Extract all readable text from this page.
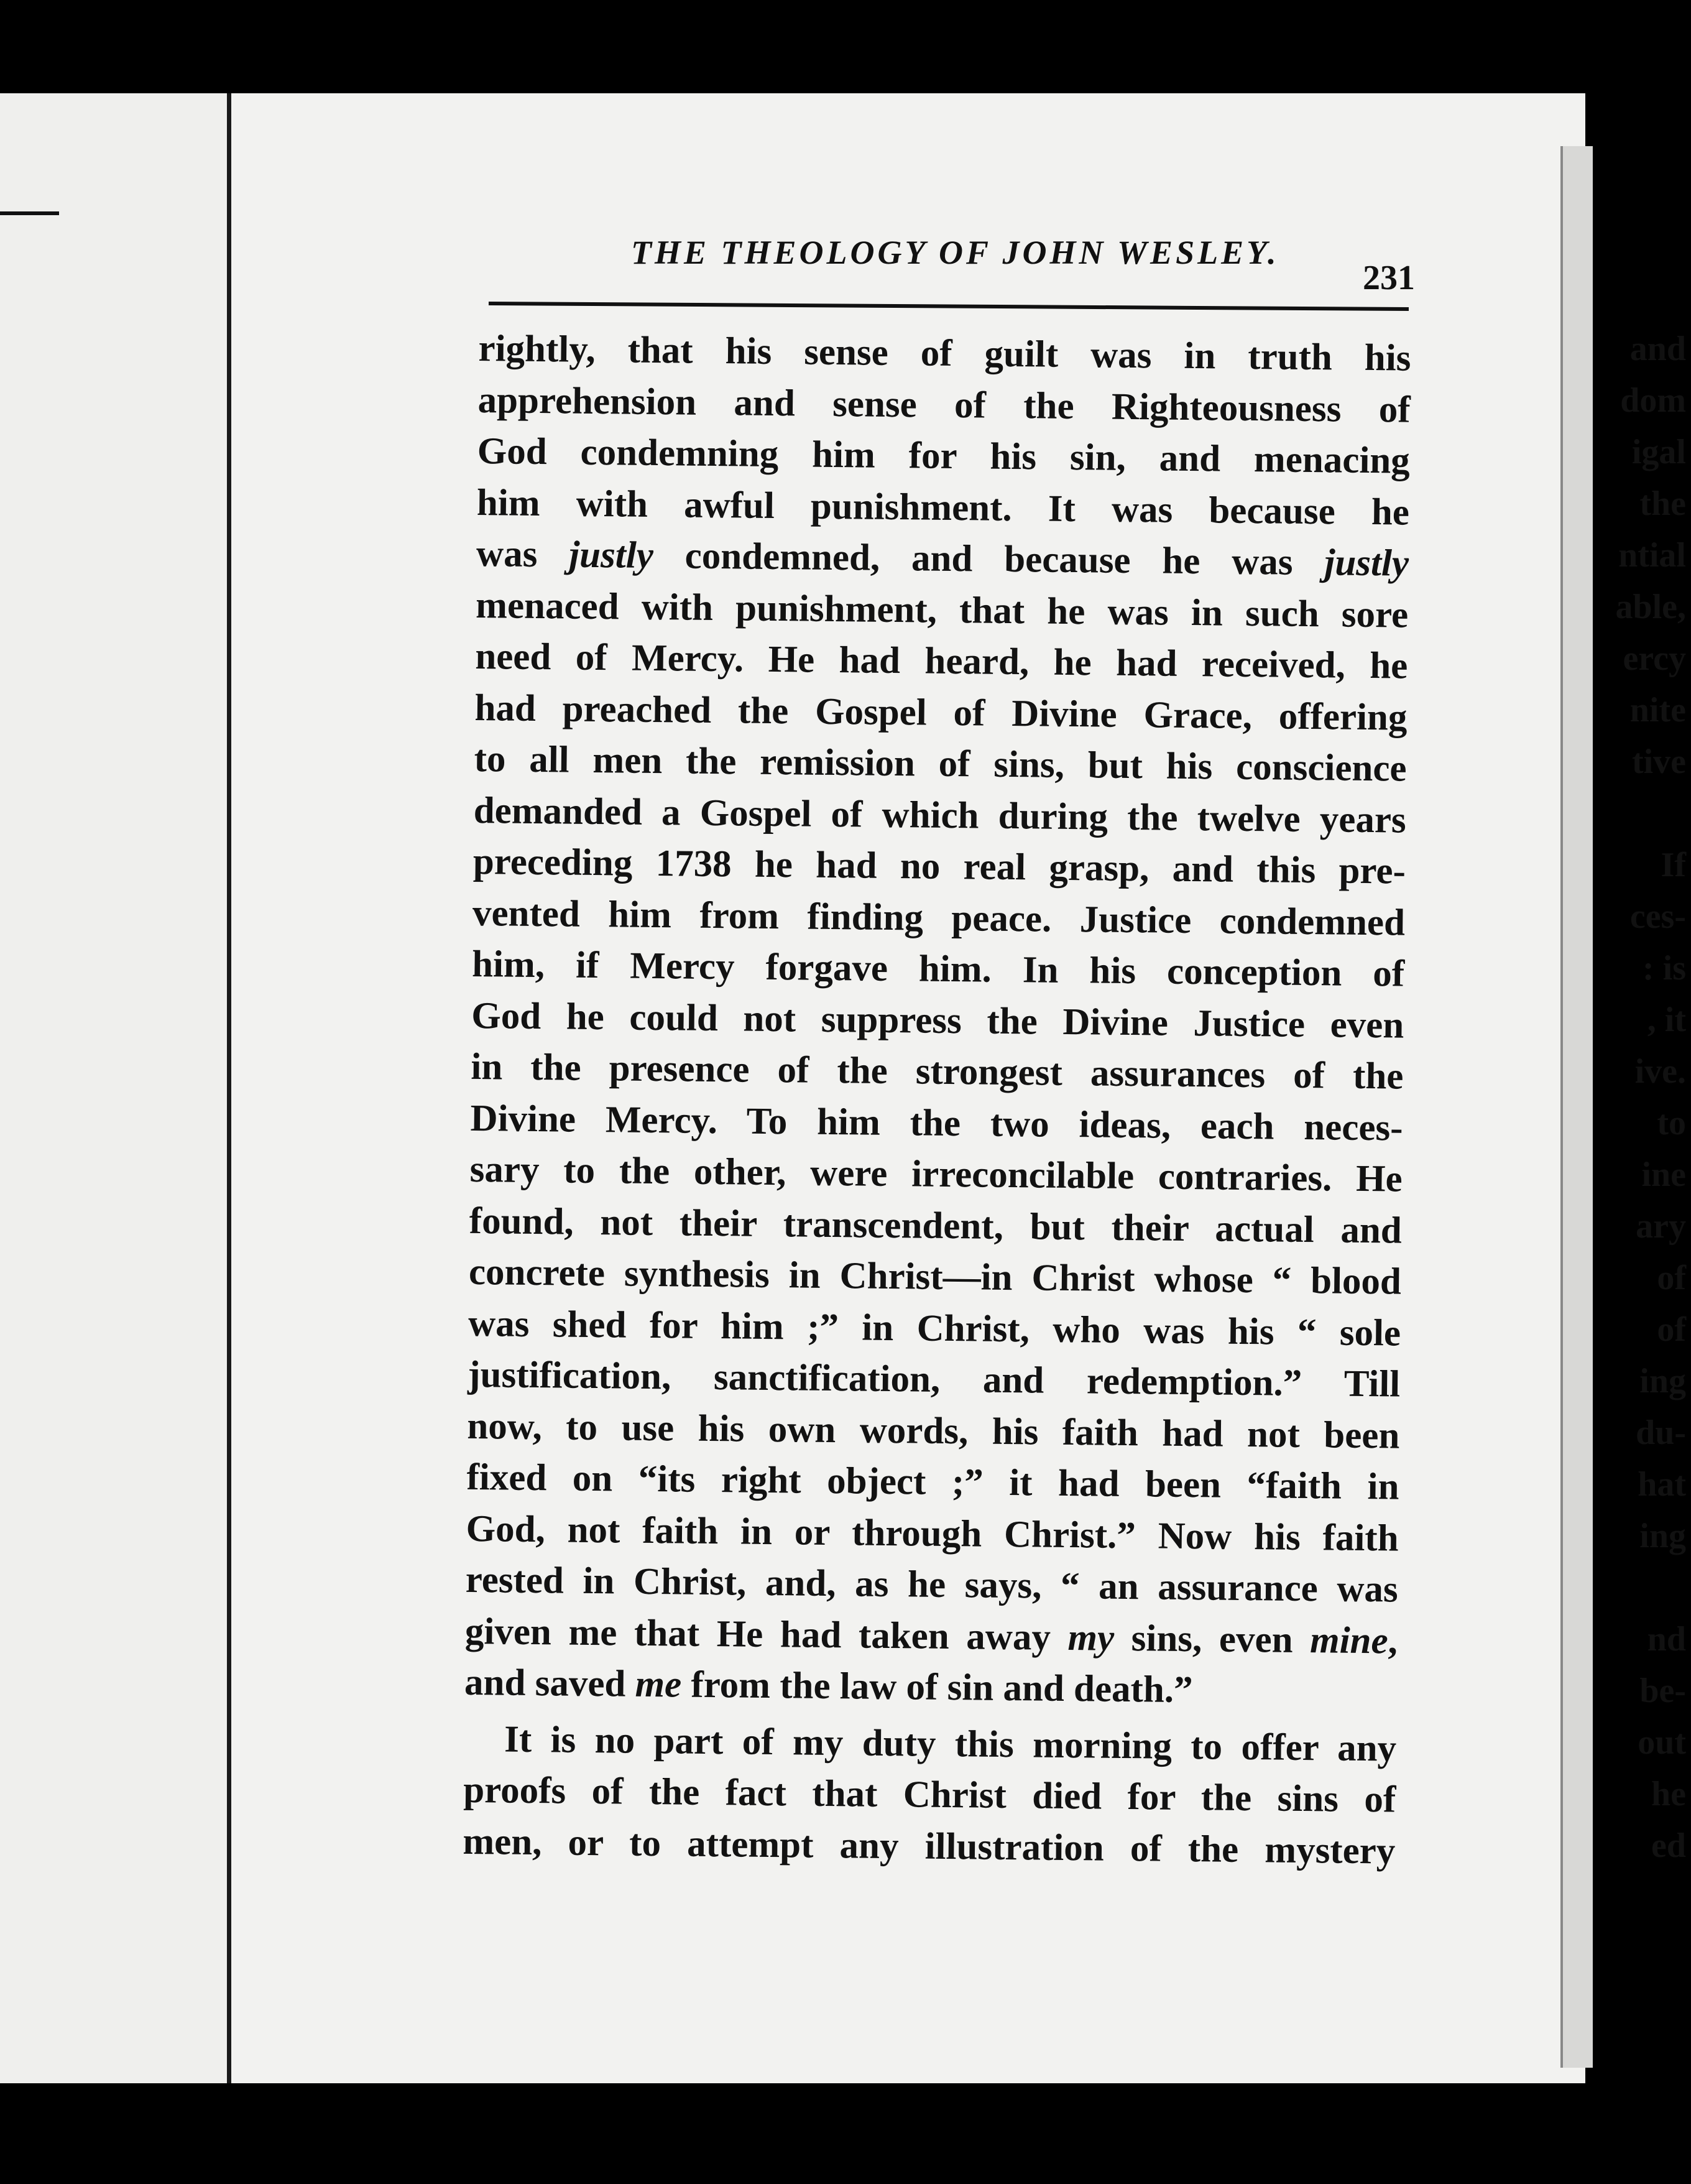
and
dom
igal
the
ntial
able,
ercy
nite
tive
If
ces-
: is
, it
ive.
to
ine
ary
of
of
ing
du-
hat
ing
nd
be-
out
he
ed
THE THEOLOGY OF JOHN WESLEY.
231
rightly, that his sense of guilt was in truth his
apprehension and sense of the Righteousness of
God condemning him for his sin, and menacing
him with awful punishment. It was because he
was justly condemned, and because he was justly
menaced with punishment, that he was in such sore
need of Mercy. He had heard, he had received, he
had preached the Gospel of Divine Grace, offering
to all men the remission of sins, but his conscience
demanded a Gospel of which during the twelve years
preceding 1738 he had no real grasp, and this pre-
vented him from finding peace. Justice condemned
him, if Mercy forgave him. In his conception of
God he could not suppress the Divine Justice even
in the presence of the strongest assurances of the
Divine Mercy. To him the two ideas, each neces-
sary to the other, were irreconcilable contraries. He
found, not their transcendent, but their actual and
concrete synthesis in Christ—in Christ whose “ blood
was shed for him ;” in Christ, who was his “ sole
justification, sanctification, and redemption.” Till
now, to use his own words, his faith had not been
fixed on “its right object ;” it had been “faith in
God, not faith in or through Christ.” Now his faith
rested in Christ, and, as he says, “ an assurance was
given me that He had taken away my sins, even mine,
and saved me from the law of sin and death.”
It is no part of my duty this morning to offer any
proofs of the fact that Christ died for the sins of
men, or to attempt any illustration of the mystery
